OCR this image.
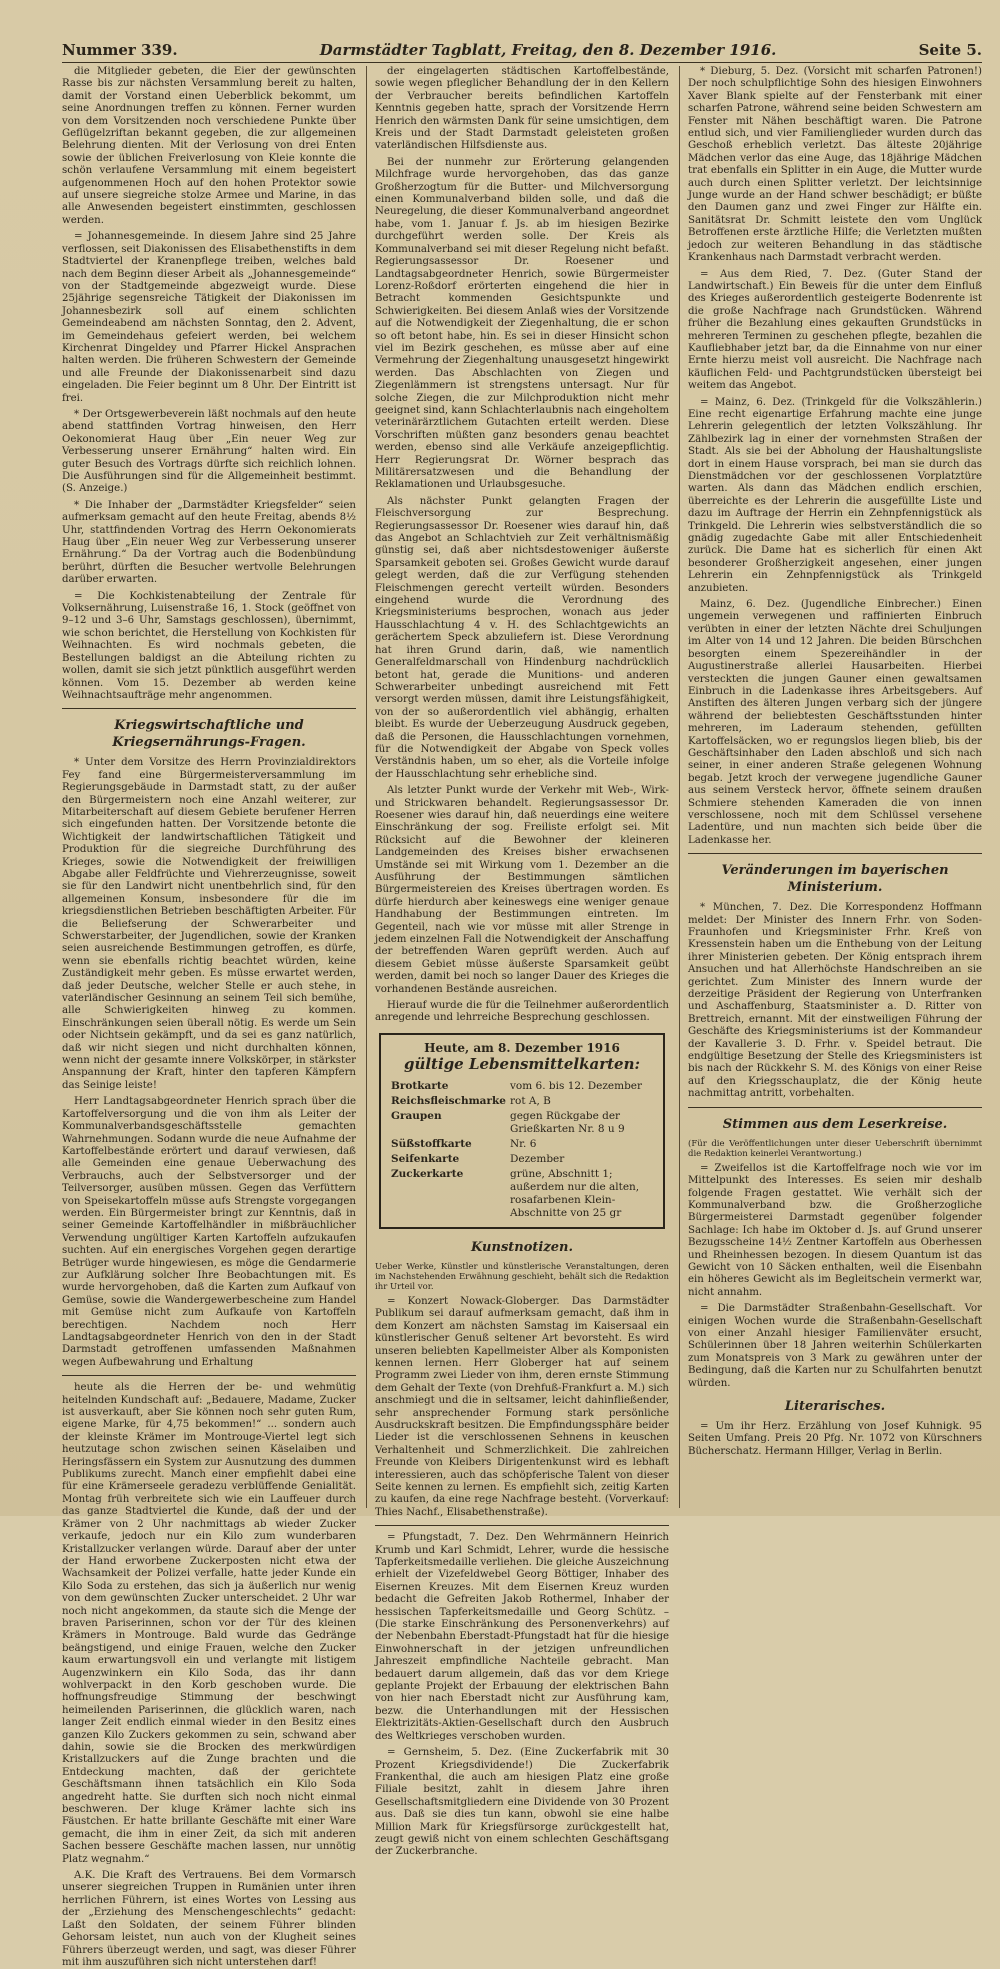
Nummer 339.	Darmstädter Tagblatt, Freitag, den 8. Dezember 1916.	Seite 5.

die Mitglieder gebeten, die Eier der gewünschten Rasse bis zur nächsten Versammlung bereit zu halten, damit der Vorstand einen Ueberblick bekommt, um seine Anordnungen treffen zu können. Ferner wurden von dem Vorsitzenden noch verschiedene Punkte über Geflügelzriftan bekannt gegeben, die zur allgemeinen Belehrung dienten. Mit der Verlosung von drei Enten sowie der üblichen Freiverlosung von Kleie konnte die schön verlaufene Versammlung mit einem begeistert aufgenommenen Hoch auf den hohen Protektor sowie auf unsere siegreiche stolze Armee und Marine, in das alle Anwesenden begeistert einstimmten, geschlossen werden.

= Johannesgemeinde. In diesem Jahre sind 25 Jahre verflossen, seit Diakonissen des Elisabethenstifts in dem Stadtviertel der Kranenpflege treiben, welches bald nach dem Beginn dieser Arbeit als „Johannesgemeinde“ von der Stadtgemeinde abgezweigt wurde. Diese 25jährige segensreiche Tätigkeit der Diakonissen im Johannesbezirk soll auf einem schlichten Gemeindeabend am nächsten Sonntag, den 2. Advent, im Gemeindehaus gefeiert werden, bei welchem Kirchenrat Dingeldey und Pfarrer Hickel Ansprachen halten werden. Die früheren Schwestern der Gemeinde und alle Freunde der Diakonissenarbeit sind dazu eingeladen. Die Feier beginnt um 8 Uhr. Der Eintritt ist frei.

* Der Ortsgewerbeverein läßt nochmals auf den heute abend stattfinden Vortrag hinweisen, den Herr Oekonomierat Haug über „Ein neuer Weg zur Verbesserung unserer Ernährung“ halten wird. Ein guter Besuch des Vortrags dürfte sich reichlich lohnen. Die Ausführungen sind für die Allgemeinheit bestimmt. (S. Anzeige.)

* Die Inhaber der „Darmstädter Kriegsfelder“ seien aufmerksam gemacht auf den heute Freitag, abends 8½ Uhr, stattfindenden Vortrag des Herrn Oekonomierats Haug über „Ein neuer Weg zur Verbesserung unserer Ernährung.“ Da der Vortrag auch die Bodenbündung berührt, dürften die Besucher wertvolle Belehrungen darüber erwarten.

= Die Kochkistenabteilung der Zentrale für Volksernährung, Luisenstraße 16, 1. Stock (geöffnet von 9–12 und 3–6 Uhr, Samstags geschlossen), übernimmt, wie schon berichtet, die Herstellung von Kochkisten für Weihnachten. Es wird nochmals gebeten, die Bestellungen baldigst an die Abteilung richten zu wollen, damit sie sich jetzt pünktlich ausgeführt werden können. Vom 15. Dezember ab werden keine Weihnachtsaufträge mehr angenommen.

Kriegswirtschaftliche und Kriegsernährungs-Fragen.

* Unter dem Vorsitze des Herrn Provinzialdirektors Fey fand eine Bürgermeisterversammlung im Regierungsgebäude in Darmstadt statt, zu der außer den Bürgermeistern noch eine Anzahl weiterer, zur Mitarbeiterschaft auf diesem Gebiete berufener Herren sich eingefunden hatten. Der Vorsitzende betonte die Wichtigkeit der landwirtschaftlichen Tätigkeit und Produktion für die siegreiche Durchführung des Krieges, sowie die Notwendigkeit der freiwilligen Abgabe aller Feldfrüchte und Viehrerzeugnisse, soweit sie für den Landwirt nicht unentbehrlich sind, für den allgemeinen Konsum, insbesondere für die im kriegsdienstlichen Betrieben beschäftigten Arbeiter. Für die Beliefserung der Schwerarbeiter und Schwerstarbeiter, der Jugendlichen, sowie der Kranken seien ausreichende Bestimmungen getroffen, es dürfe, wenn sie ebenfalls richtig beachtet würden, keine Zuständigkeit mehr geben. Es müsse erwartet werden, daß jeder Deutsche, welcher Stelle er auch stehe, in vaterländischer Gesinnung an seinem Teil sich bemühe, alle Schwierigkeiten hinweg zu kommen. Einschränkungen seien überall nötig. Es werde um Sein oder Nichtsein gekämpft, und da sei es ganz natürlich, daß wir nicht siegen und nicht durchhalten können, wenn nicht der gesamte innere Volkskörper, in stärkster Anspannung der Kraft, hinter den tapferen Kämpfern das Seinige leiste!

Herr Landtagsabgeordneter Henrich sprach über die Kartoffelversorgung und die von ihm als Leiter der Kommunalverbandsgeschäftsstelle gemachten Wahrnehmungen. Sodann wurde die neue Aufnahme der Kartoffelbestände erörtert und darauf verwiesen, daß alle Gemeinden eine genaue Ueberwachung des Verbrauchs, auch der Selbstversorger und der Teilversorger, ausüben müssen. Gegen das Verfüttern von Speisekartoffeln müsse aufs Strengste vorgegangen werden. Ein Bürgermeister bringt zur Kenntnis, daß in seiner Gemeinde Kartoffelhändler in mißbräuchlicher Verwendung ungültiger Karten Kartoffeln aufzukaufen suchten. Auf ein energisches Vorgehen gegen derartige Betrüger wurde hingewiesen, es möge die Gendarmerie zur Aufklärung solcher Ihre Beobachtungen mit. Es wurde hervorgehoben, daß die Karten zum Aufkauf von Gemüse, sowie die Wandergewerbescheine zum Handel mit Gemüse nicht zum Aufkaufe von Kartoffeln berechtigen. Nachdem noch Herr Landtagsabgeordneter Henrich von den in der Stadt Darmstadt getroffenen umfassenden Maßnahmen wegen Aufbewahrung und Erhaltung

heute als die Herren der be- und wehmütig heitelnden Kundschaft auf: „Bedauere, Madame, Zucker ist ausverkauft, aber Sie können noch sehr guten Rum, eigene Marke, für 4,75 bekommen!“ ... sondern auch der kleinste Krämer im Montrouge-Viertel legt sich heutzutage schon zwischen seinen Käselaiben und Heringsfässern ein System zur Ausnutzung des dummen Publikums zurecht. Manch einer empfiehlt dabei eine für eine Krämerseele geradezu verblüffende Genialität. Montag früh verbreitete sich wie ein Lauffeuer durch das ganze Stadtviertel die Kunde, daß der und der Krämer von 2 Uhr nachmittags ab wieder Zucker verkaufe, jedoch nur ein Kilo zum wunderbaren Kristallzucker verlangen würde. Darauf aber der unter der Hand erworbene Zuckerposten nicht etwa der Wachsamkeit der Polizei verfalle, hatte jeder Kunde ein Kilo Soda zu erstehen, das sich ja äußerlich nur wenig von dem gewünschten Zucker unterscheidet. 2 Uhr war noch nicht angekommen, da staute sich die Menge der braven Pariserinnen, schon vor der Tür des kleinen Krämers in Montrouge. Bald wurde das Gedränge beängstigend, und einige Frauen, welche den Zucker kaum erwartungsvoll ein und verlangte mit listigem Augenzwinkern ein Kilo Soda, das ihr dann wohlverpackt in den Korb geschoben wurde. Die hoffnungsfreudige Stimmung der beschwingt heimeilenden Pariserinnen, die glücklich waren, nach langer Zeit endlich einmal wieder in den Besitz eines ganzen Kilo Zuckers gekommen zu sein, schwand aber dahin, sowie sie die Brocken des merkwürdigen Kristallzuckers auf die Zunge brachten und die Entdeckung machten, daß der gerichtete Geschäftsmann ihnen tatsächlich ein Kilo Soda angedreht hatte. Sie durften sich noch nicht einmal beschweren. Der kluge Krämer lachte sich ins Fäustchen. Er hatte brillante Geschäfte mit einer Ware gemacht, die ihm in einer Zeit, da sich mit anderen Sachen bessere Geschäfte machen lassen, nur unnötig Platz wegnahm.“

A.K. Die Kraft des Vertrauens. Bei dem Vormarsch unserer siegreichen Truppen in Rumänien unter ihren herrlichen Führern, ist eines Wortes von Lessing aus der „Erziehung des Menschengeschlechts“ gedacht: Laßt den Soldaten, der seinem Führer blinden Gehorsam leistet, nun auch von der Klugheit seines Führers überzeugt werden, und sagt, was dieser Führer mit ihm auszuführen sich nicht unterstehen darf!

der eingelagerten städtischen Kartoffelbestände, sowie wegen pfleglicher Behandlung der in den Kellern der Verbraucher bereits befindlichen Kartoffeln Kenntnis gegeben hatte, sprach der Vorsitzende Herrn Henrich den wärmsten Dank für seine umsichtigen, dem Kreis und der Stadt Darmstadt geleisteten großen vaterländischen Hilfsdienste aus.

Bei der nunmehr zur Erörterung gelangenden Milchfrage wurde hervorgehoben, das das ganze Großherzogtum für die Butter- und Milchversorgung einen Kommunalverband bilden solle, und daß die Neuregelung, die dieser Kommunalverband angeordnet habe, vom 1. Januar f. Js. ab im hiesigen Bezirke durchgeführt werden solle. Der Kreis als Kommunalverband sei mit dieser Regelung nicht befaßt. Regierungsassessor Dr. Roesener und Landtagsabgeordneter Henrich, sowie Bürgermeister Lorenz-Roßdorf erörterten eingehend die hier in Betracht kommenden Gesichtspunkte und Schwierigkeiten. Bei diesem Anlaß wies der Vorsitzende auf die Notwendigkeit der Ziegenhaltung, die er schon so oft betont habe, hin. Es sei in dieser Hinsicht schon viel im Bezirk geschehen, es müsse aber auf eine Vermehrung der Ziegenhaltung unausgesetzt hingewirkt werden. Das Abschlachten von Ziegen und Ziegenlämmern ist strengstens untersagt. Nur für solche Ziegen, die zur Milchproduktion nicht mehr geeignet sind, kann Schlachterlaubnis nach eingeholtem veterinärärztlichem Gutachten erteilt werden. Diese Vorschriften müßten ganz besonders genau beachtet werden, ebenso sind alle Verkäufe anzeigepflichtig. Herr Regierungsrat Dr. Wörner besprach das Militärersatzwesen und die Behandlung der Reklamationen und Urlaubsgesuche.

Als nächster Punkt gelangten Fragen der Fleischversorgung zur Besprechung. Regierungsassessor Dr. Roesener wies darauf hin, daß das Angebot an Schlachtvieh zur Zeit verhältnismäßig günstig sei, daß aber nichtsdestoweniger äußerste Sparsamkeit geboten sei. Großes Gewicht wurde darauf gelegt werden, daß die zur Verfügung stehenden Fleischmengen gerecht verteilt würden. Besonders eingehend wurde die Verordnung des Kriegsministeriums besprochen, wonach aus jeder Hausschlachtung 4 v. H. des Schlachtgewichts an gerächertem Speck abzuliefern ist. Diese Verordnung hat ihren Grund darin, daß, wie namentlich Generalfeldmarschall von Hindenburg nachdrücklich betont hat, gerade die Munitions- und anderen Schwerarbeiter unbedingt ausreichend mit Fett versorgt werden müssen, damit ihre Leistungsfähigkeit, von der so außerordentlich viel abhängig, erhalten bleibt. Es wurde der Ueberzeugung Ausdruck gegeben, daß die Personen, die Hausschlachtungen vornehmen, für die Notwendigkeit der Abgabe von Speck volles Verständnis haben, um so eher, als die Vorteile infolge der Hausschlachtung sehr erhebliche sind.

Als letzter Punkt wurde der Verkehr mit Web-, Wirk- und Strickwaren behandelt. Regierungsassessor Dr. Roesener wies darauf hin, daß neuerdings eine weitere Einschränkung der sog. Freiliste erfolgt sei. Mit Rücksicht auf die Bewohner der kleineren Landgemeinden des Kreises bisher erwachsenen Umstände sei mit Wirkung vom 1. Dezember an die Ausführung der Bestimmungen sämtlichen Bürgermeistereien des Kreises übertragen worden. Es dürfe hierdurch aber keineswegs eine weniger genaue Handhabung der Bestimmungen eintreten. Im Gegenteil, nach wie vor müsse mit aller Strenge in jedem einzelnen Fall die Notwendigkeit der Anschaffung der betreffenden Waren geprüft werden. Auch auf diesem Gebiet müsse äußerste Sparsamkeit geübt werden, damit bei noch so langer Dauer des Krieges die vorhandenen Bestände ausreichen.

Hierauf wurde die für die Teilnehmer außerordentlich anregende und lehrreiche Besprechung geschlossen.

Heute, am 8. Dezember 1916
gültige Lebensmittelkarten:
Brotkarte	vom 6. bis 12. Dezember
Reichsfleischmarke	rot A, B
Graupen	gegen Rückgabe der Grießkarten Nr. 8 u 9
Süßstoffkarte	Nr. 6
Seifenkarte	Dezember
Zuckerkarte	grüne, Abschnitt 1; außerdem nur die alten, rosafarbenen Klein-Abschnitte von 25 gr
Kunstnotizen.

Ueber Werke, Künstler und künstlerische Veranstaltungen, deren im Nachstehenden Erwähnung geschieht, behält sich die Redaktion ihr Urteil vor.

= Konzert Nowack-Globerger. Das Darmstädter Publikum sei darauf aufmerksam gemacht, daß ihm in dem Konzert am nächsten Samstag im Kaisersaal ein künstlerischer Genuß seltener Art bevorsteht. Es wird unseren beliebten Kapellmeister Alber als Komponisten kennen lernen. Herr Globerger hat auf seinem Programm zwei Lieder von ihm, deren ernste Stimmung dem Gehalt der Texte (von Drehfuß-Frankfurt a. M.) sich anschmiegt und die in seltsamer, leicht dahinfließender, sehr ansprechender Formung stark persönliche Ausdruckskraft besitzen. Die Empfindungssphäre beider Lieder ist die verschlossenen Sehnens in keuschen Verhaltenheit und Schmerzlichkeit. Die zahlreichen Freunde von Kleibers Dirigentenkunst wird es lebhaft interessieren, auch das schöpferische Talent von dieser Seite kennen zu lernen. Es empfiehlt sich, zeitig Karten zu kaufen, da eine rege Nachfrage besteht. (Vorverkauf: Thies Nachf., Elisabethenstraße).

= Pfungstadt, 7. Dez. Den Wehrmännern Heinrich Krumb und Karl Schmidt, Lehrer, wurde die hessische Tapferkeitsmedaille verliehen. Die gleiche Auszeichnung erhielt der Vizefeldwebel Georg Böttiger, Inhaber des Eisernen Kreuzes. Mit dem Eisernen Kreuz wurden bedacht die Gefreiten Jakob Rothermel, Inhaber der hessischen Tapferkeitsmedaille und Georg Schütz. – (Die starke Einschränkung des Personenverkehrs) auf der Nebenbahn Eberstadt-Pfungstadt hat für die hiesige Einwohnerschaft in der jetzigen unfreundlichen Jahreszeit empfindliche Nachteile gebracht. Man bedauert darum allgemein, daß das vor dem Kriege geplante Projekt der Erbauung der elektrischen Bahn von hier nach Eberstadt nicht zur Ausführung kam, bezw. die Unterhandlungen mit der Hessischen Elektrizitäts-Aktien-Gesellschaft durch den Ausbruch des Weltkrieges verschoben wurden.

= Gernsheim, 5. Dez. (Eine Zuckerfabrik mit 30 Prozent Kriegsdividende!) Die Zuckerfabrik Frankenthal, die auch am hiesigen Platz eine große Filiale besitzt, zahlt in diesem Jahre ihren Gesellschaftsmitgliedern eine Dividende von 30 Prozent aus. Daß sie dies tun kann, obwohl sie eine halbe Million Mark für Kriegsfürsorge zurückgestellt hat, zeugt gewiß nicht von einem schlechten Geschäftsgang der Zuckerbranche.

* Dieburg, 5. Dez. (Vorsicht mit scharfen Patronen!) Der noch schulpflichtige Sohn des hiesigen Einwohners Xaver Blank spielte auf der Fensterbank mit einer scharfen Patrone, während seine beiden Schwestern am Fenster mit Nähen beschäftigt waren. Die Patrone entlud sich, und vier Familienglieder wurden durch das Geschoß erheblich verletzt. Das älteste 20jährige Mädchen verlor das eine Auge, das 18jährige Mädchen trat ebenfalls ein Splitter in ein Auge, die Mutter wurde auch durch einen Splitter verletzt. Der leichtsinnige Junge wurde an der Hand schwer beschädigt; er büßte den Daumen ganz und zwei Finger zur Hälfte ein. Sanitätsrat Dr. Schmitt leistete den vom Unglück Betroffenen erste ärztliche Hilfe; die Verletzten mußten jedoch zur weiteren Behandlung in das städtische Krankenhaus nach Darmstadt verbracht werden.

= Aus dem Ried, 7. Dez. (Guter Stand der Landwirtschaft.) Ein Beweis für die unter dem Einfluß des Krieges außerordentlich gesteigerte Bodenrente ist die große Nachfrage nach Grundstücken. Während früher die Bezahlung eines gekauften Grundstücks in mehreren Terminen zu geschehen pflegte, bezahlen die Kaufliebhaber jetzt bar, da die Einnahme von nur einer Ernte hierzu meist voll ausreicht. Die Nachfrage nach käuflichen Feld- und Pachtgrundstücken übersteigt bei weitem das Angebot.

= Mainz, 6. Dez. (Trinkgeld für die Volkszählerin.) Eine recht eigenartige Erfahrung machte eine junge Lehrerin gelegentlich der letzten Volkszählung. Ihr Zählbezirk lag in einer der vornehmsten Straßen der Stadt. Als sie bei der Abholung der Haushaltungsliste dort in einem Hause vorsprach, bei man sie durch das Dienstmädchen vor der geschlossenen Vorplatztüre warten. Als dann das Mädchen endlich erschien, überreichte es der Lehrerin die ausgefüllte Liste und dazu im Auftrage der Herrin ein Zehnpfennigstück als Trinkgeld. Die Lehrerin wies selbstverständlich die so gnädig zugedachte Gabe mit aller Entschiedenheit zurück. Die Dame hat es sicherlich für einen Akt besonderer Großherzigkeit angesehen, einer jungen Lehrerin ein Zehnpfennigstück als Trinkgeld anzubieten.

Mainz, 6. Dez. (Jugendliche Einbrecher.) Einen ungemein verwegenen und raffinierten Einbruch verübten in einer der letzten Nächte drei Schuljungen im Alter von 14 und 12 Jahren. Die beiden Bürschchen besorgten einem Spezereihändler in der Augustinerstraße allerlei Hausarbeiten. Hierbei versteckten die jungen Gauner einen gewaltsamen Einbruch in die Ladenkasse ihres Arbeitsgebers. Auf Anstiften des älteren Jungen verbarg sich der jüngere während der beliebtesten Geschäftsstunden hinter mehreren, im Laderaum stehenden, gefüllten Kartoffelsäcken, wo er regungslos liegen blieb, bis der Geschäftsinhaber den Laden abschloß und sich nach seiner, in einer anderen Straße gelegenen Wohnung begab. Jetzt kroch der verwegene jugendliche Gauner aus seinem Versteck hervor, öffnete seinem draußen Schmiere stehenden Kameraden die von innen verschlossene, noch mit dem Schlüssel versehene Ladentüre, und nun machten sich beide über die Ladenkasse her.

Veränderungen im bayerischen Ministerium.

* München, 7. Dez. Die Korrespondenz Hoffmann meldet: Der Minister des Innern Frhr. von Soden-Fraunhofen und Kriegsminister Frhr. Kreß von Kressenstein haben um die Enthebung von der Leitung ihrer Ministerien gebeten. Der König entsprach ihrem Ansuchen und hat Allerhöchste Handschreiben an sie gerichtet. Zum Minister des Innern wurde der derzeitige Präsident der Regierung von Unterfranken und Aschaffenburg, Staatsminister a. D. Ritter von Brettreich, ernannt. Mit der einstweiligen Führung der Geschäfte des Kriegsministeriums ist der Kommandeur der Kavallerie 3. D. Frhr. v. Speidel betraut. Die endgültige Besetzung der Stelle des Kriegsministers ist bis nach der Rückkehr S. M. des Königs von einer Reise auf den Kriegsschauplatz, die der König heute nachmittag antritt, vorbehalten.

Stimmen aus dem Leserkreise.

(Für die Veröffentlichungen unter dieser Ueberschrift übernimmt die Redaktion keinerlei Verantwortung.)

= Zweifellos ist die Kartoffelfrage noch wie vor im Mittelpunkt des Interesses. Es seien mir deshalb folgende Fragen gestattet. Wie verhält sich der Kommunalverband bzw. die Großherzogliche Bürgermeisterei Darmstadt gegenüber folgender Sachlage: Ich habe im Oktober d. Js. auf Grund unserer Bezugsscheine 14½ Zentner Kartoffeln aus Oberhessen und Rheinhessen bezogen. In diesem Quantum ist das Gewicht von 10 Säcken enthalten, weil die Eisenbahn ein höheres Gewicht als im Begleitschein vermerkt war, nicht annahm.

= Die Darmstädter Straßenbahn-Gesellschaft. Vor einigen Wochen wurde die Straßenbahn-Gesellschaft von einer Anzahl hiesiger Familienväter ersucht, Schülerinnen über 18 Jahren weiterhin Schülerkarten zum Monatspreis von 3 Mark zu gewähren unter der Bedingung, daß die Karten nur zu Schulfahrten benutzt würden.

Literarisches.

= Um ihr Herz. Erzählung von Josef Kuhnigk. 95 Seiten Umfang. Preis 20 Pfg. Nr. 1072 von Kürschners Bücherschatz. Hermann Hillger, Verlag in Berlin.
